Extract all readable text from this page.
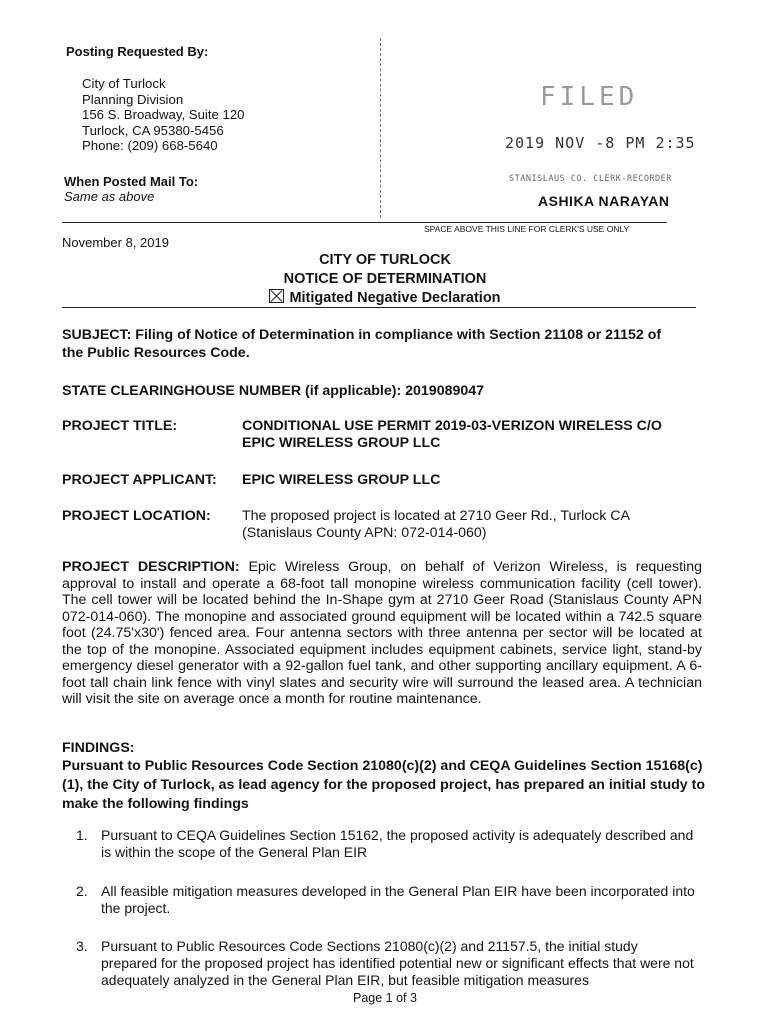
Posting Requested By:
City of Turlock
Planning Division
156 S. Broadway, Suite 120
Turlock, CA 95380-5456
Phone: (209) 668-5640
When Posted Mail To:
Same as above
FILED
2019 NOV -8 PM 2:35
STANISLAUS CO. CLERK-RECORDER
ASHIKA NARAYAN
SPACE ABOVE THIS LINE FOR CLERK'S USE ONLY
November 8, 2019
CITY OF TURLOCK
NOTICE OF DETERMINATION
Mitigated Negative Declaration
SUBJECT: Filing of Notice of Determination in compliance with Section 21108 or 21152 of
the Public Resources Code.
STATE CLEARINGHOUSE NUMBER (if applicable): 2019089047
PROJECT TITLE:	CONDITIONAL USE PERMIT 2019-03-VERIZON WIRELESS C/O
EPIC WIRELESS GROUP LLC
PROJECT APPLICANT: EPIC WIRELESS GROUP LLC
PROJECT LOCATION: The proposed project is located at 2710 Geer Rd., Turlock CA
(Stanislaus County APN: 072-014-060)
PROJECT DESCRIPTION: Epic Wireless Group, on behalf of Verizon Wireless, is requesting approval to install and operate a 68-foot tall monopine wireless communication facility (cell tower). The cell tower will be located behind the In-Shape gym at 2710 Geer Road (Stanislaus County APN 072-014-060). The monopine and associated ground equipment will be located within a 742.5 square foot (24.75'x30') fenced area. Four antenna sectors with three antenna per sector will be located at the top of the monopine. Associated equipment includes equipment cabinets, service light, stand-by emergency diesel generator with a 92-gallon fuel tank, and other supporting ancillary equipment. A 6-foot tall chain link fence with vinyl slates and security wire will surround the leased area. A technician will visit the site on average once a month for routine maintenance.
FINDINGS:
Pursuant to Public Resources Code Section 21080(c)(2) and CEQA Guidelines Section 15168(c)(1), the City of Turlock, as lead agency for the proposed project, has prepared an initial study to make the following findings
1. Pursuant to CEQA Guidelines Section 15162, the proposed activity is adequately described and is within the scope of the General Plan EIR
2. All feasible mitigation measures developed in the General Plan EIR have been incorporated into the project.
3. Pursuant to Public Resources Code Sections 21080(c)(2) and 21157.5, the initial study prepared for the proposed project has identified potential new or significant effects that were not adequately analyzed in the General Plan EIR, but feasible mitigation measures
Page 1 of 3
